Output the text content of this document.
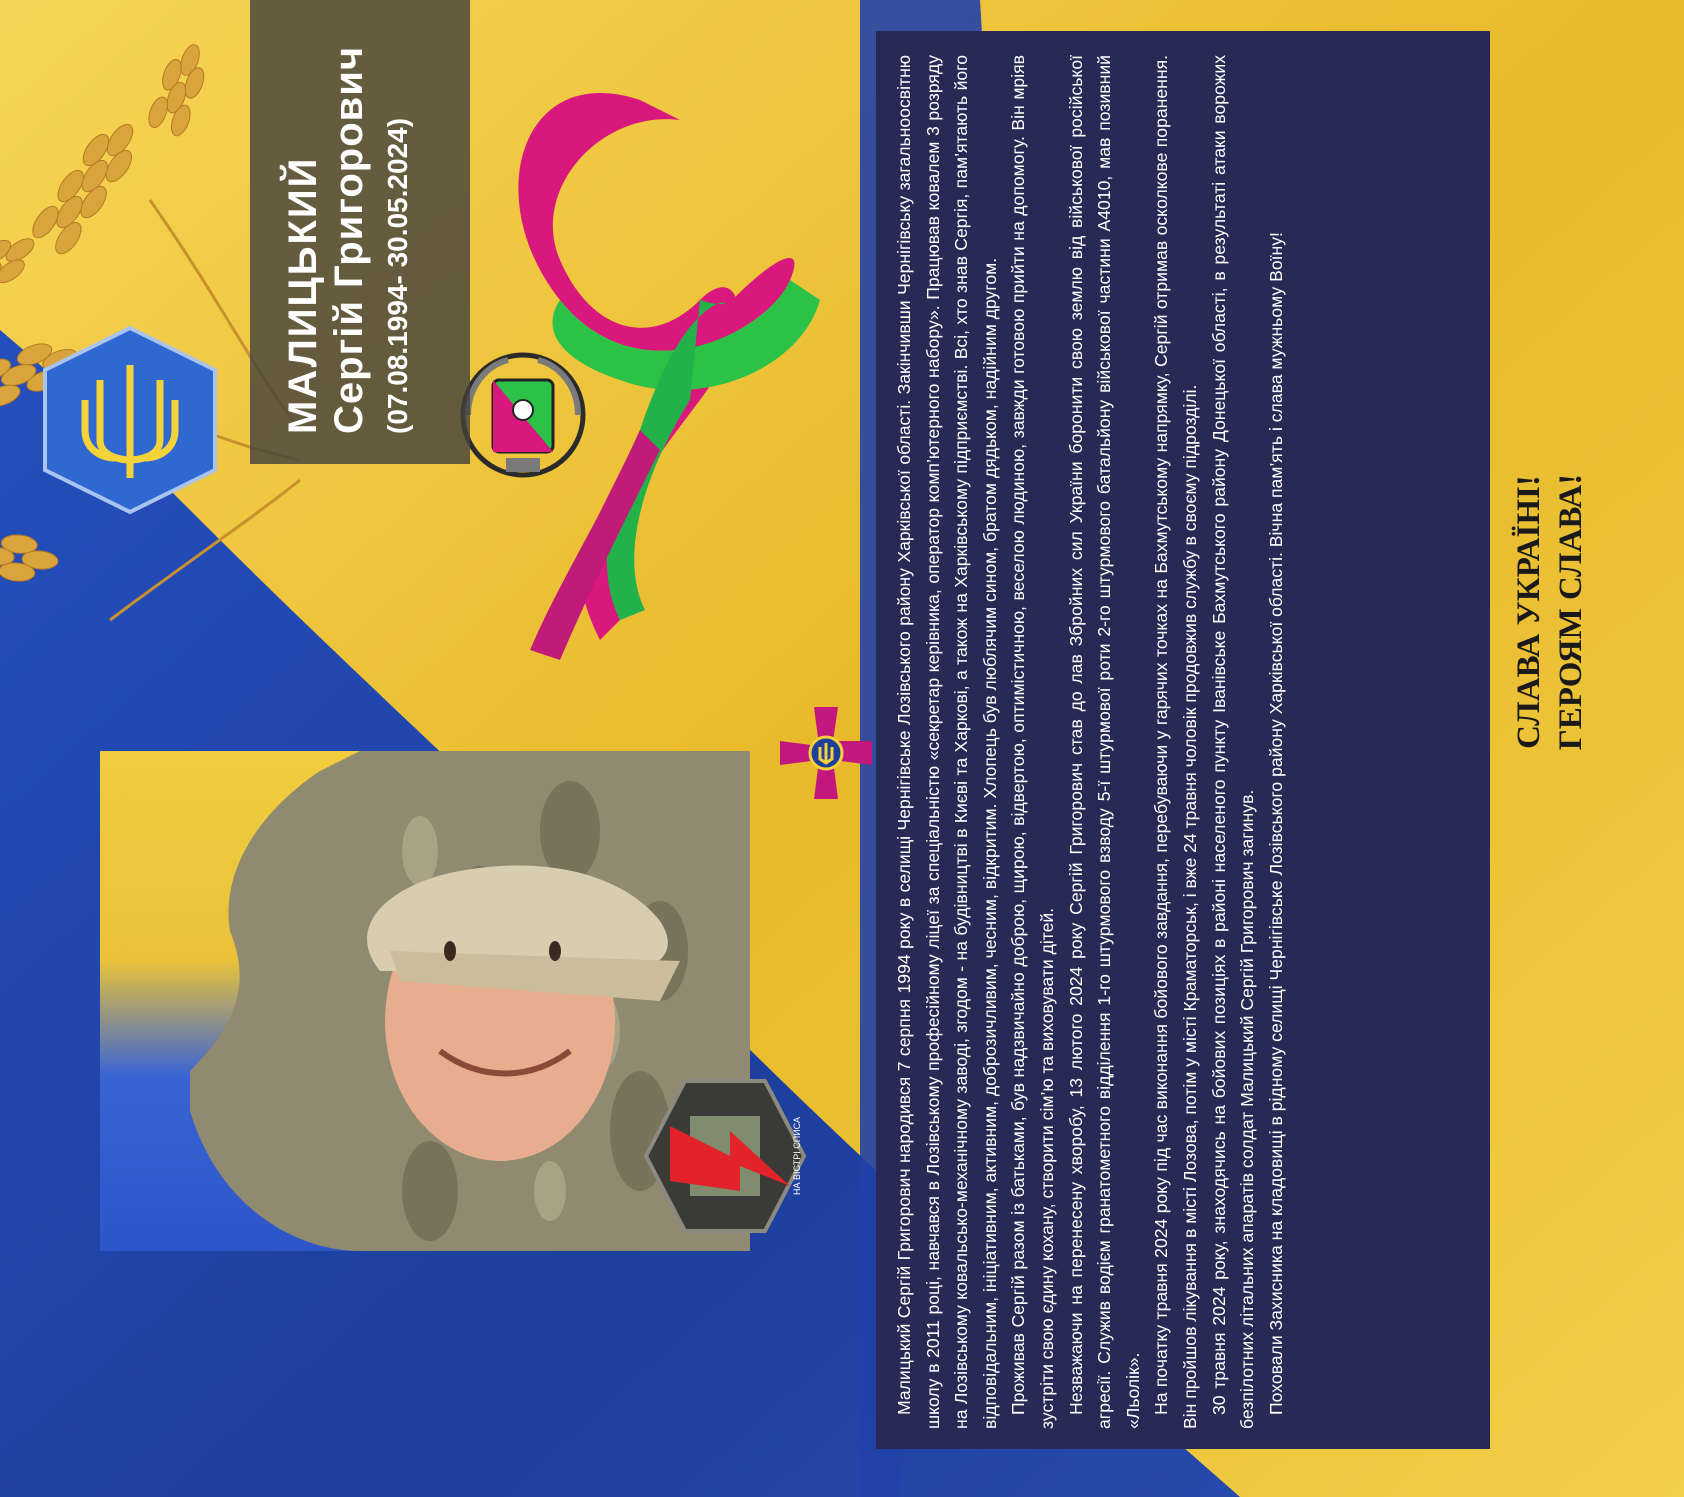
МАЛИЦЬКИЙ Сергій Григорович (07.08.1994- 30.05.2024)
НА ВІСТРІ СПИСА	Малицький Сергій Григорович народився 7 серпня 1994 року в селищі Чернігівське Лозівського району Харківської області. Закінчивши Чернігівську загальноосвітню школу в 2011 році, навчався в Лозівському професійному ліцеї за спеціальністю «секретар керівника, оператор комп’ютерного набору». Працював ковалем 3 розряду на Лозівському ковальсько-механічному заводі, згодом - на будівництві в Києві та Харкові, а також на Харківському підприємстві. Всі, хто знав Сергія, пам’ятають його відповідальним, ініціативним, активним, доброзичливим, чесним, відкритим. Хлопець був люблячим сином, братом дядьком, надійним другом. Проживав Сергій разом із батьками, був надзвичайно доброю, щирою, відвертою, оптимістичною, веселою людиною, завжди готовою прийти на допомогу. Він мріяв зустріти свою єдину кохану, створити сім’ю та виховувати дітей. Незважаючи на перенесену хворобу, 13 лютого 2024 року Сергій Григорович став до лав Збройних сил України боронити свою землю від військової російської агресії. Служив водієм гранатометного відділення 1-го штурмового взводу 5-ї штурмової роти 2-го штурмового батальйону військової частини А4010, мав позивний «Льолік». На початку травня 2024 року під час виконання бойового завдання, перебуваючи у гарячих точках на Бахмутському напрямку, Сергій отримав осколкове поранення. Він пройшов лікування в місті Лозова, потім у місті Краматорськ, і вже 24 травня чоловік продовжив службу в своєму підрозділі. 30 травня 2024 року, знаходячись на бойових позиціях в районі населеного пункту Іванівське Бахмутського району Донецької області, в результаті атаки ворожих безпілотних літальних апаратів солдат Малицький Сергій Григорович загинув. Поховали Захисника на кладовищі в рідному селищі Чернігівське Лозівського району Харківської області. Вічна пам’ять і слава мужньому Воїну!	СЛАВА УКРАЇНІ! ГЕРОЯМ СЛАВА!
